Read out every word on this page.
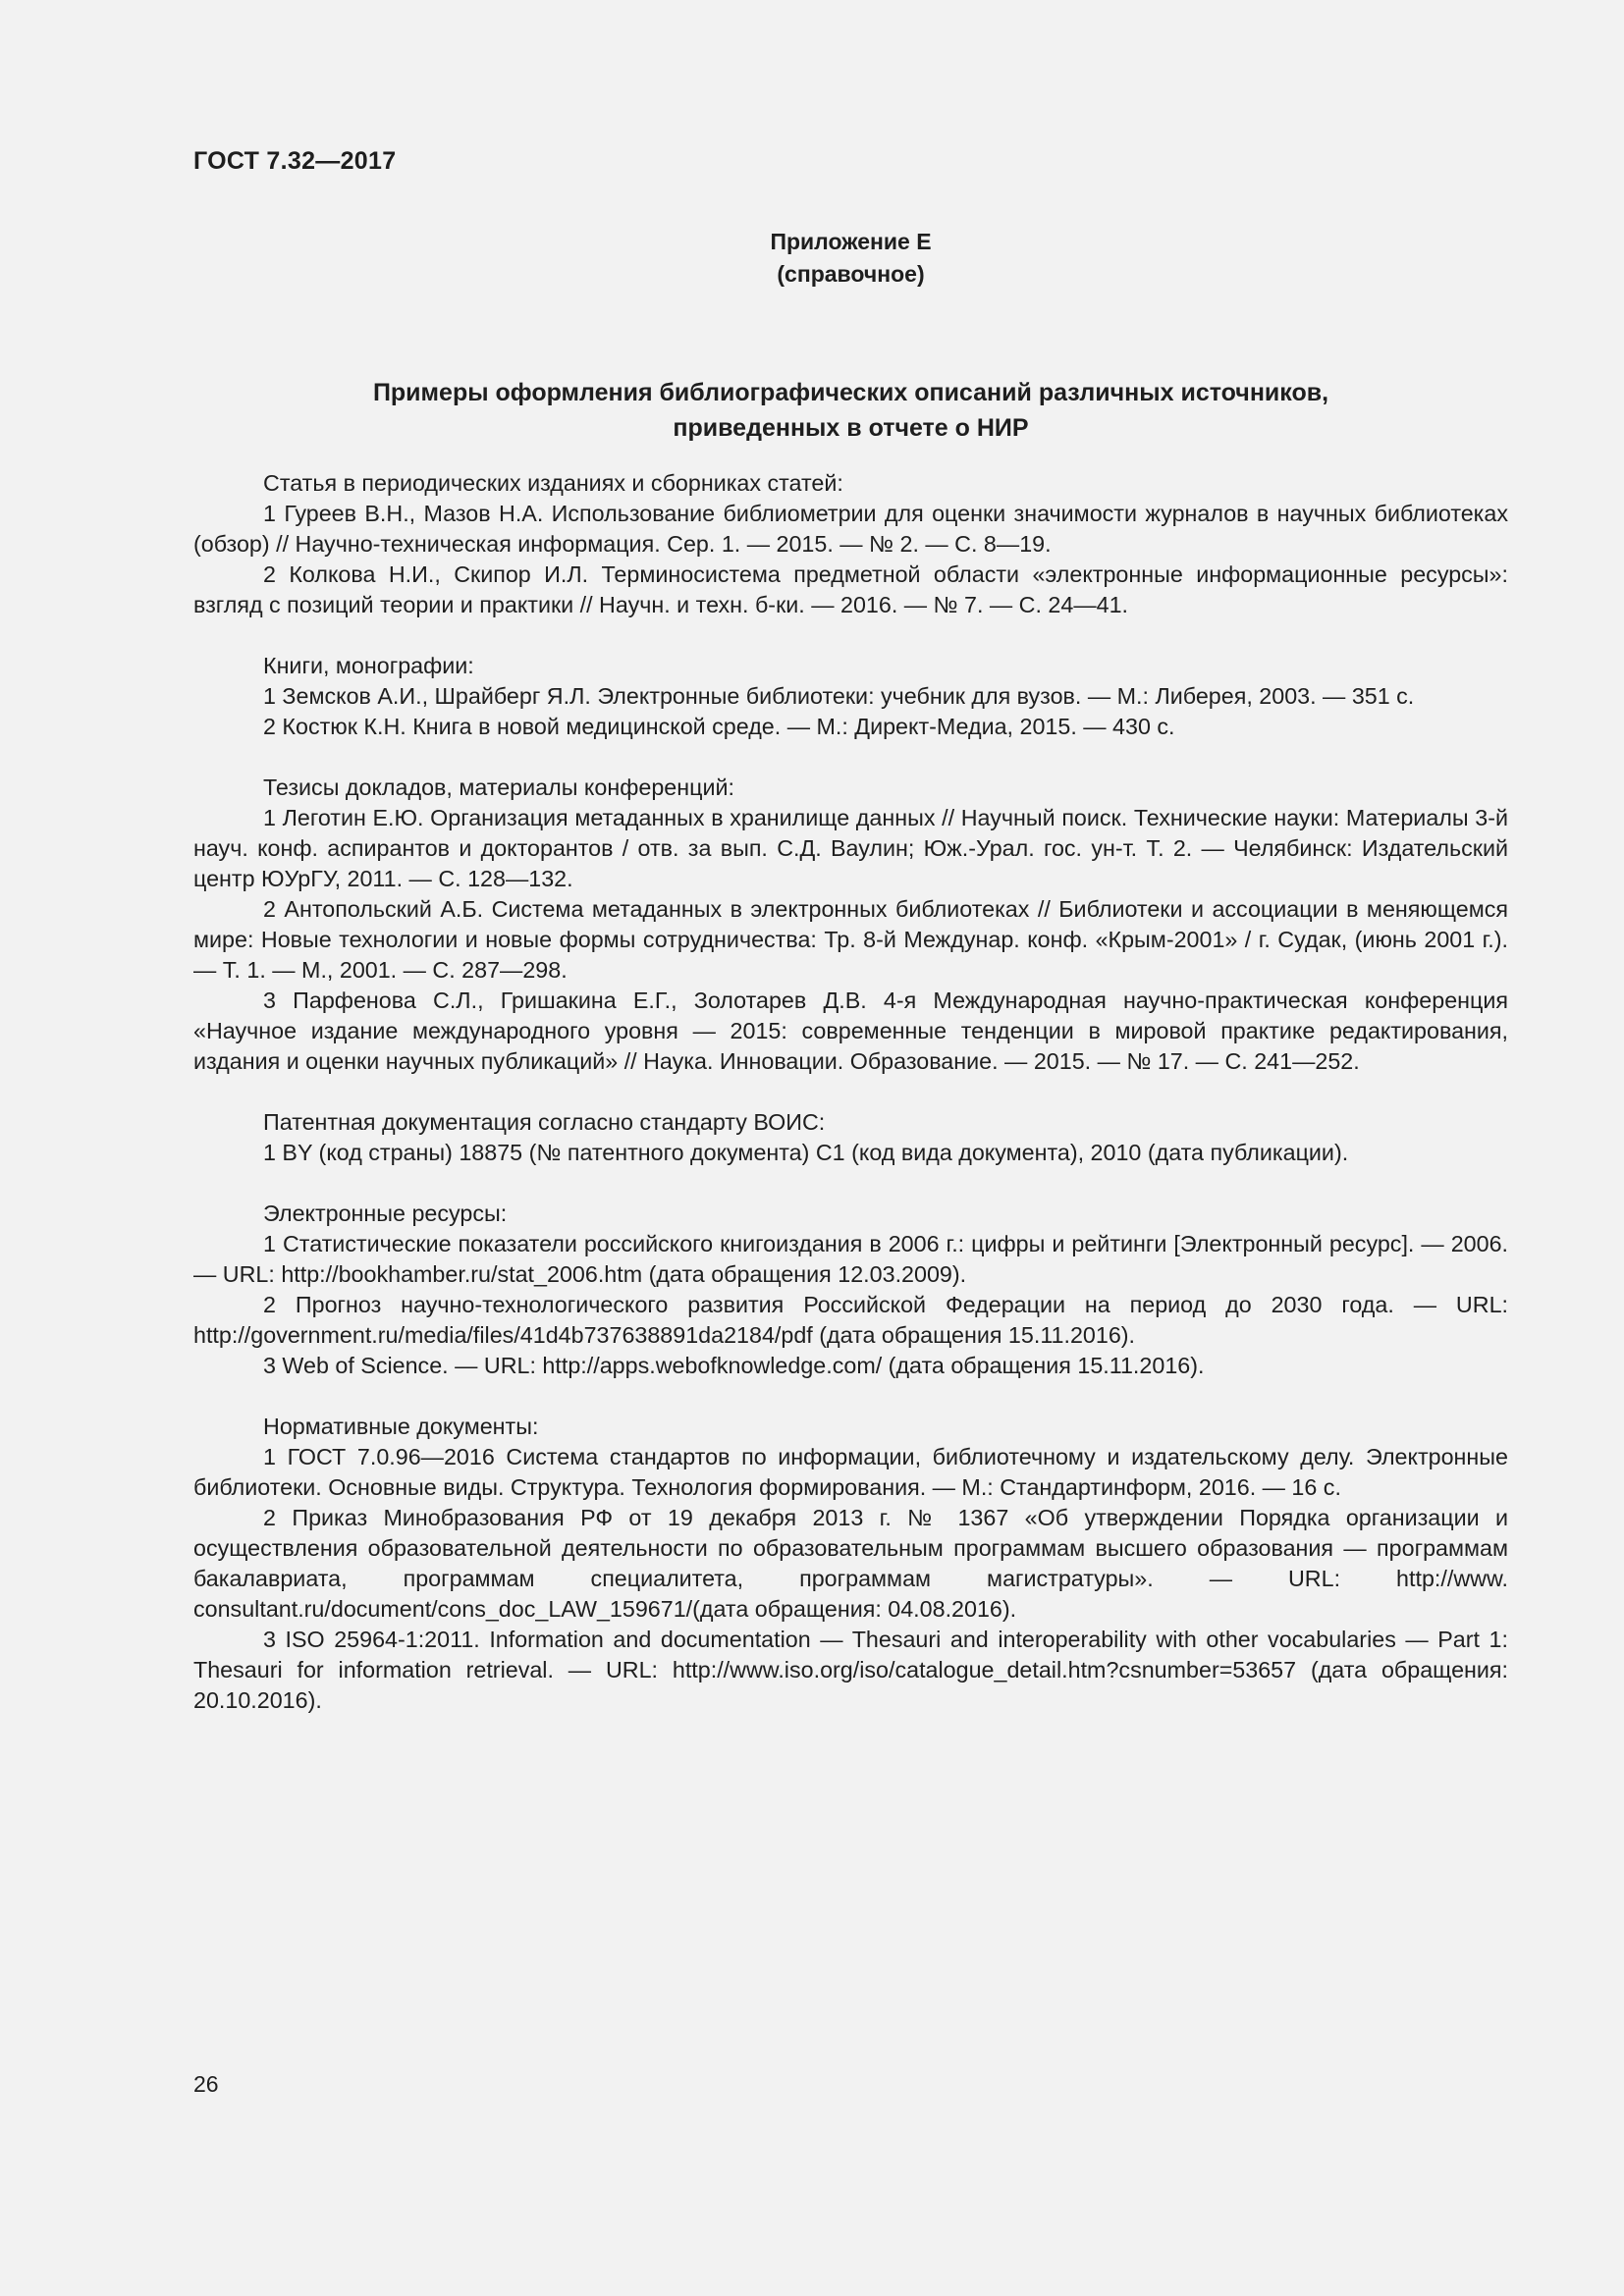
ГОСТ 7.32—2017
Приложение Е
(справочное)
Примеры оформления библиографических описаний различных источников,
приведенных в отчете о НИР
Статья в периодических изданиях и сборниках статей:
1 Гуреев В.Н., Мазов Н.А. Использование библиометрии для оценки значимости журналов в научных библиотеках (обзор) // Научно-техническая информация. Сер. 1. — 2015. — № 2. — С. 8—19.
2 Колкова Н.И., Скипор И.Л. Терминосистема предметной области «электронные информационные ресурсы»: взгляд с позиций теории и практики // Научн. и техн. б-ки. — 2016. — № 7. — С. 24—41.
Книги, монографии:
1 Земсков А.И., Шрайберг Я.Л. Электронные библиотеки: учебник для вузов. — М.: Либерея, 2003. — 351 с.
2 Костюк К.Н. Книга в новой медицинской среде. — М.: Директ-Медиа, 2015. — 430 с.
Тезисы докладов, материалы конференций:
1 Леготин Е.Ю. Организация метаданных в хранилище данных // Научный поиск. Технические науки: Материалы 3-й науч. конф. аспирантов и докторантов / отв. за вып. С.Д. Ваулин; Юж.-Урал. гос. ун-т. Т. 2. — Челябинск: Издательский центр ЮУрГУ, 2011. — С. 128—132.
2 Антопольский А.Б. Система метаданных в электронных библиотеках // Библиотеки и ассоциации в меняющемся мире: Новые технологии и новые формы сотрудничества: Тр. 8-й Междунар. конф. «Крым-2001» / г. Судак, (июнь 2001 г.). — Т. 1. — М., 2001. — С. 287—298.
3 Парфенова С.Л., Гришакина Е.Г., Золотарев Д.В. 4-я Международная научно-практическая конференция «Научное издание международного уровня — 2015: современные тенденции в мировой практике редактирования, издания и оценки научных публикаций» // Наука. Инновации. Образование. — 2015. — № 17. — С. 241—252.
Патентная документация согласно стандарту ВОИС:
1 BY (код страны) 18875 (№ патентного документа) C1 (код вида документа), 2010 (дата публикации).
Электронные ресурсы:
1 Статистические показатели российского книгоиздания в 2006 г.: цифры и рейтинги [Электронный ресурс]. — 2006. — URL: http://bookhamber.ru/stat_2006.htm (дата обращения 12.03.2009).
2 Прогноз научно-технологического развития Российской Федерации на период до 2030 года. — URL: http://government.ru/media/files/41d4b737638891da2184/pdf (дата обращения 15.11.2016).
3 Web of Science. — URL: http://apps.webofknowledge.com/ (дата обращения 15.11.2016).
Нормативные документы:
1 ГОСТ 7.0.96—2016 Система стандартов по информации, библиотечному и издательскому делу. Электронные библиотеки. Основные виды. Структура. Технология формирования. — М.: Стандартинформ, 2016. — 16 с.
2 Приказ Минобразования РФ от 19 декабря 2013 г. № 1367 «Об утверждении Порядка организации и осуществления образовательной деятельности по образовательным программам высшего образования — программам бакалавриата, программам специалитета, программам магистратуры». — URL: http://www. consultant.ru/document/cons_doc_LAW_159671/(дата обращения: 04.08.2016).
3 ISO 25964-1:2011. Information and documentation — Thesauri and interoperability with other vocabularies — Part 1: Thesauri for information retrieval. — URL: http://www.iso.org/iso/catalogue_detail.htm?csnumber=53657 (дата обращения: 20.10.2016).
26
